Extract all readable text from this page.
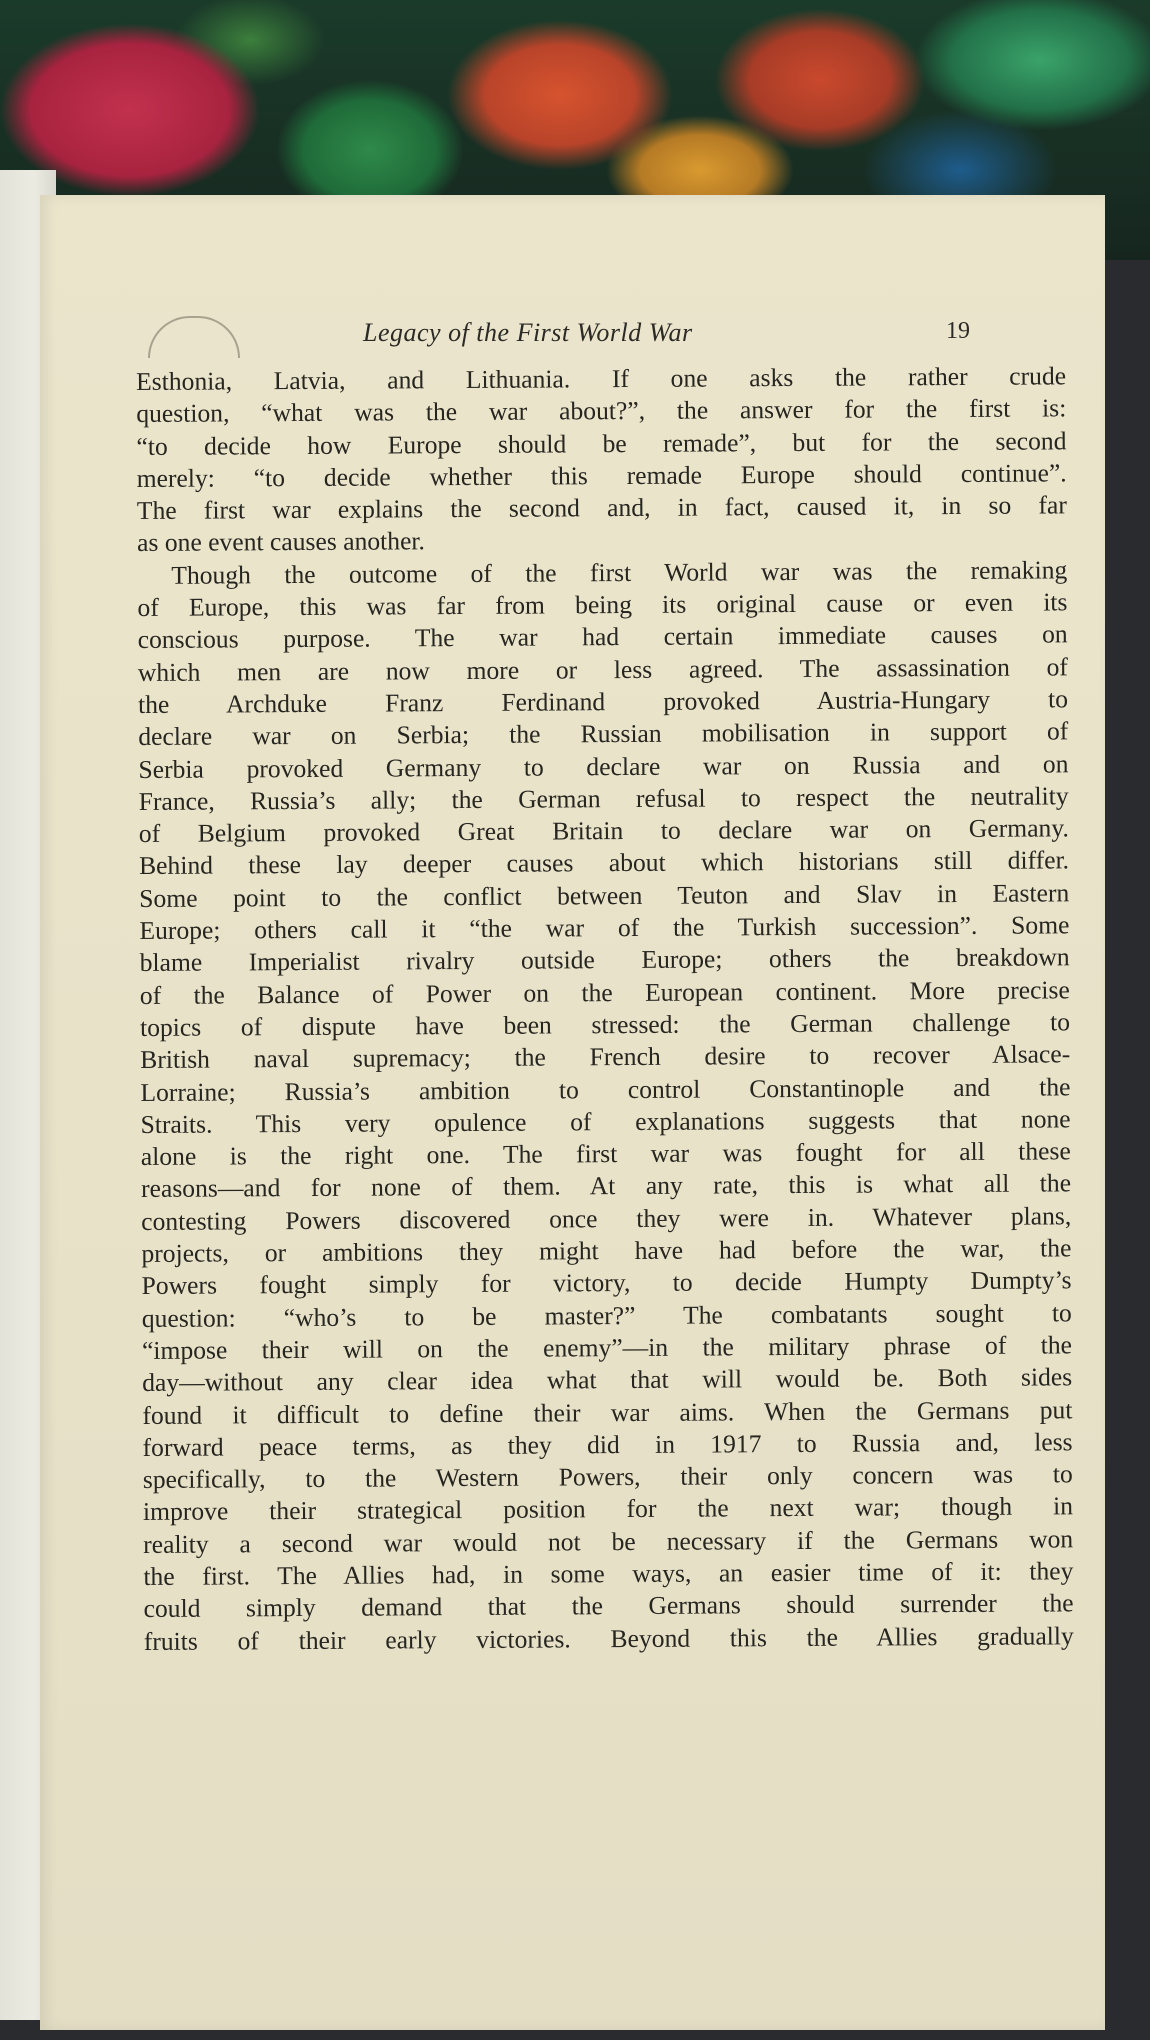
Legacy of the First World War	19
Esthonia, Latvia, and Lithuania. If one asks the rather crude
question, “what was the war about?”, the answer for the first is:
“to decide how Europe should be remade”, but for the second
merely: “to decide whether this remade Europe should continue”.
The first war explains the second and, in fact, caused it, in so far
as one event causes another.
Though the outcome of the first World war was the remaking
of Europe, this was far from being its original cause or even its
conscious purpose. The war had certain immediate causes on
which men are now more or less agreed. The assassination of
the Archduke Franz Ferdinand provoked Austria-Hungary to
declare war on Serbia; the Russian mobilisation in support of
Serbia provoked Germany to declare war on Russia and on
France, Russia’s ally; the German refusal to respect the neutrality
of Belgium provoked Great Britain to declare war on Germany.
Behind these lay deeper causes about which historians still differ.
Some point to the conflict between Teuton and Slav in Eastern
Europe; others call it “the war of the Turkish succession”. Some
blame Imperialist rivalry outside Europe; others the breakdown
of the Balance of Power on the European continent. More precise
topics of dispute have been stressed: the German challenge to
British naval supremacy; the French desire to recover Alsace-
Lorraine; Russia’s ambition to control Constantinople and the
Straits. This very opulence of explanations suggests that none
alone is the right one. The first war was fought for all these
reasons—and for none of them. At any rate, this is what all the
contesting Powers discovered once they were in. Whatever plans,
projects, or ambitions they might have had before the war, the
Powers fought simply for victory, to decide Humpty Dumpty’s
question: “who’s to be master?” The combatants sought to
“impose their will on the enemy”—in the military phrase of the
day—without any clear idea what that will would be. Both sides
found it difficult to define their war aims. When the Germans put
forward peace terms, as they did in 1917 to Russia and, less
specifically, to the Western Powers, their only concern was to
improve their strategical position for the next war; though in
reality a second war would not be necessary if the Germans won
the first. The Allies had, in some ways, an easier time of it: they
could simply demand that the Germans should surrender the
fruits of their early victories. Beyond this the Allies gradually
